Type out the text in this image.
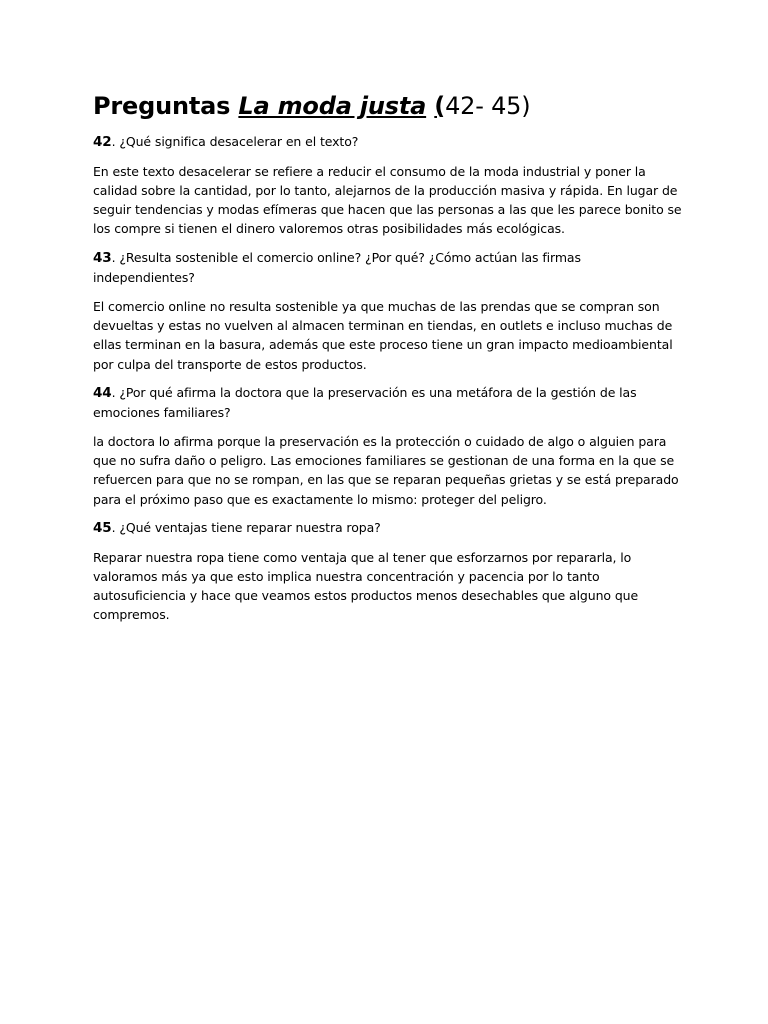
Preguntas La moda justa (42- 45)

42. ¿Qué significa desacelerar en el texto?

En este texto desacelerar se refiere a reducir el consumo de la moda industrial y poner la calidad sobre la cantidad, por lo tanto, alejarnos de la producción masiva y rápida. En lugar de seguir tendencias y modas efímeras que hacen que las personas a las que les parece bonito se los compre si tienen el dinero valoremos otras posibilidades más ecológicas.

43. ¿Resulta sostenible el comercio online? ¿Por qué? ¿Cómo actúan las firmas independientes?

El comercio online no resulta sostenible ya que muchas de las prendas que se compran son devueltas y estas no vuelven al almacen terminan en tiendas, en outlets e incluso muchas de ellas terminan en la basura, además que este proceso tiene un gran impacto medioambiental por culpa del transporte de estos productos.

44. ¿Por qué afirma la doctora que la preservación es una metáfora de la gestión de las emociones familiares?

la doctora lo afirma porque la preservación es la protección o cuidado de algo o alguien para que no sufra daño o peligro. Las emociones familiares se gestionan de una forma en la que se refuercen para que no se rompan, en las que se reparan pequeñas grietas y se está preparado para el próximo paso que es exactamente lo mismo: proteger del peligro.

45. ¿Qué ventajas tiene reparar nuestra ropa?

Reparar nuestra ropa tiene como ventaja que al tener que esforzarnos por repararla, lo valoramos más ya que esto implica nuestra concentración y pacencia por lo tanto autosuficiencia y hace que veamos estos productos menos desechables que alguno que compremos.
